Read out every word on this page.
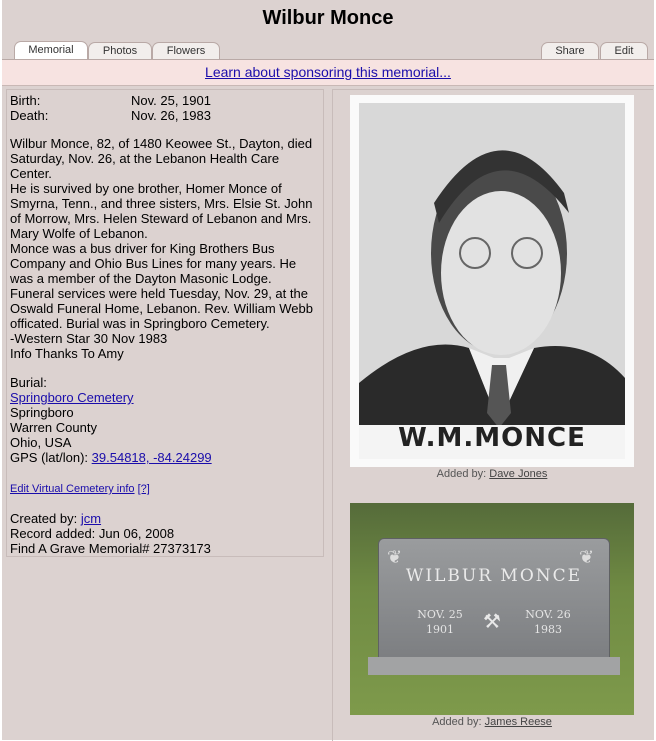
Wilbur Monce
Memorial	Photos	Flowers	Share	Edit
Learn about sponsoring this memorial...
Birth:	Nov. 25, 1901
Death:	Nov. 26, 1983
Wilbur Monce, 82, of 1480 Keowee St., Dayton, died Saturday, Nov. 26, at the Lebanon Health Care Center.
He is survived by one brother, Homer Monce of Smyrna, Tenn., and three sisters, Mrs. Elsie St. John of Morrow, Mrs. Helen Steward of Lebanon and Mrs. Mary Wolfe of Lebanon.
Monce was a bus driver for King Brothers Bus Company and Ohio Bus Lines for many years. He was a member of the Dayton Masonic Lodge.
Funeral services were held Tuesday, Nov. 29, at the Oswald Funeral Home, Lebanon. Rev. William Webb officated. Burial was in Springboro Cemetery.
-Western Star 30 Nov 1983
Info Thanks To Amy
Burial:
Springboro Cemetery
Springboro
Warren County
Ohio, USA
GPS (lat/lon): 39.54818, -84.24299
Edit Virtual Cemetery info [?]
Created by: jcm
Record added: Jun 06, 2008
Find A Grave Memorial# 27373173
W.M.MONCE
Added by: Dave Jones
❦	❦
WILBUR MONCE
NOV. 25 1901	⚒	NOV. 26 1983
Added by: James Reese
